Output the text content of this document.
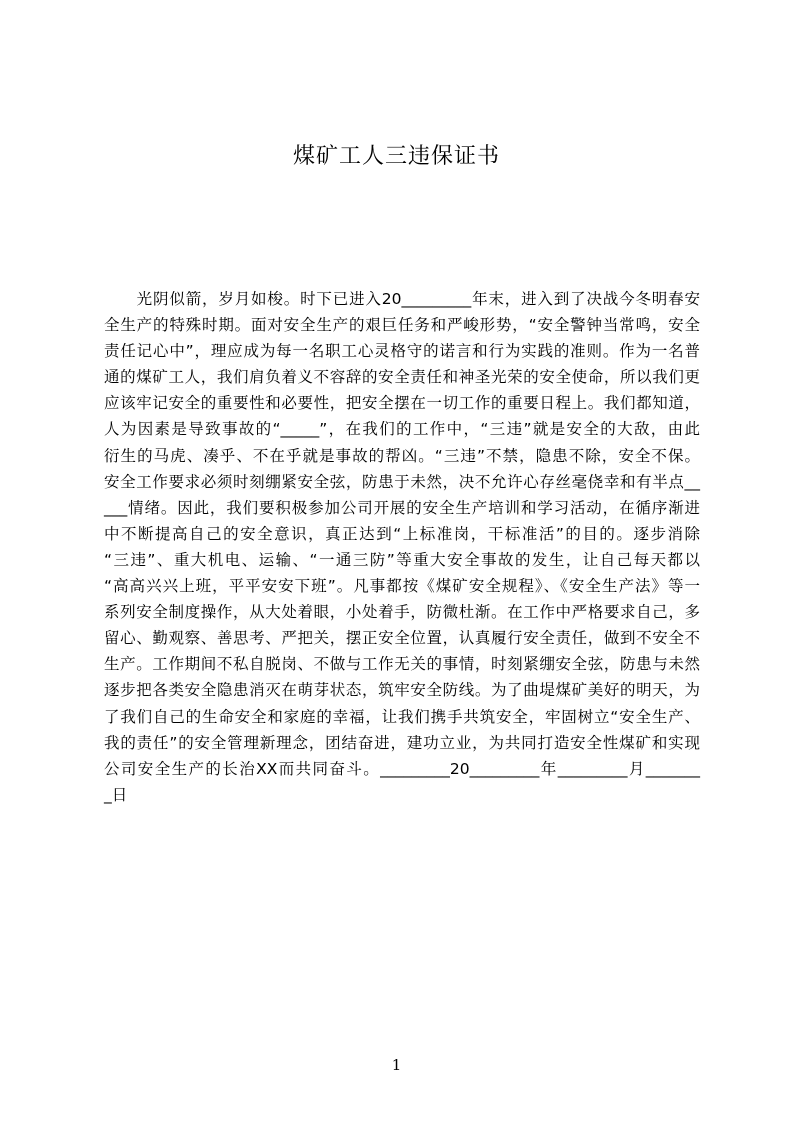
煤矿工人三违保证书
　　光阴似箭，岁月如梭。时下已进入20_________年末，进入到了决战今冬明春安
全生产的特殊时期。面对安全生产的艰巨任务和严峻形势，“安全警钟当常鸣，安全
责任记心中”，理应成为每一名职工心灵格守的诺言和行为实践的准则。作为一名普
通的煤矿工人，我们肩负着义不容辞的安全责任和神圣光荣的安全使命，所以我们更
应该牢记安全的重要性和必要性，把安全摆在一切工作的重要日程上。我们都知道，
人为因素是导致事故的“_____”，在我们的工作中，“三违”就是安全的大敌，由此
衍生的马虎、凑乎、不在乎就是事故的帮凶。“三违”不禁，隐患不除，安全不保。
安全工作要求必须时刻绷紧安全弦，防患于未然，决不允许心存丝毫侥幸和有半点__
___情绪。因此，我们要积极参加公司开展的安全生产培训和学习活动，在循序渐进
中不断提高自己的安全意识，真正达到“上标准岗，干标准活”的目的。逐步消除
“三违”、重大机电、运输、“一通三防”等重大安全事故的发生，让自己每天都以
“高高兴兴上班，平平安安下班”。凡事都按《煤矿安全规程》、《安全生产法》等一
系列安全制度操作，从大处着眼，小处着手，防微杜渐。在工作中严格要求自己，多
留心、勤观察、善思考、严把关，摆正安全位置，认真履行安全责任，做到不安全不
生产。工作期间不私自脱岗、不做与工作无关的事情，时刻紧绷安全弦，防患与未然
逐步把各类安全隐患消灭在萌芽状态，筑牢安全防线。为了曲堤煤矿美好的明天，为
了我们自己的生命安全和家庭的幸福，让我们携手共筑安全，牢固树立“安全生产、
我的责任”的安全管理新理念，团结奋进，建功立业，为共同打造安全性煤矿和实现
公司安全生产的长治XX而共同奋斗。_________20_________年_________月_______
_日
1
